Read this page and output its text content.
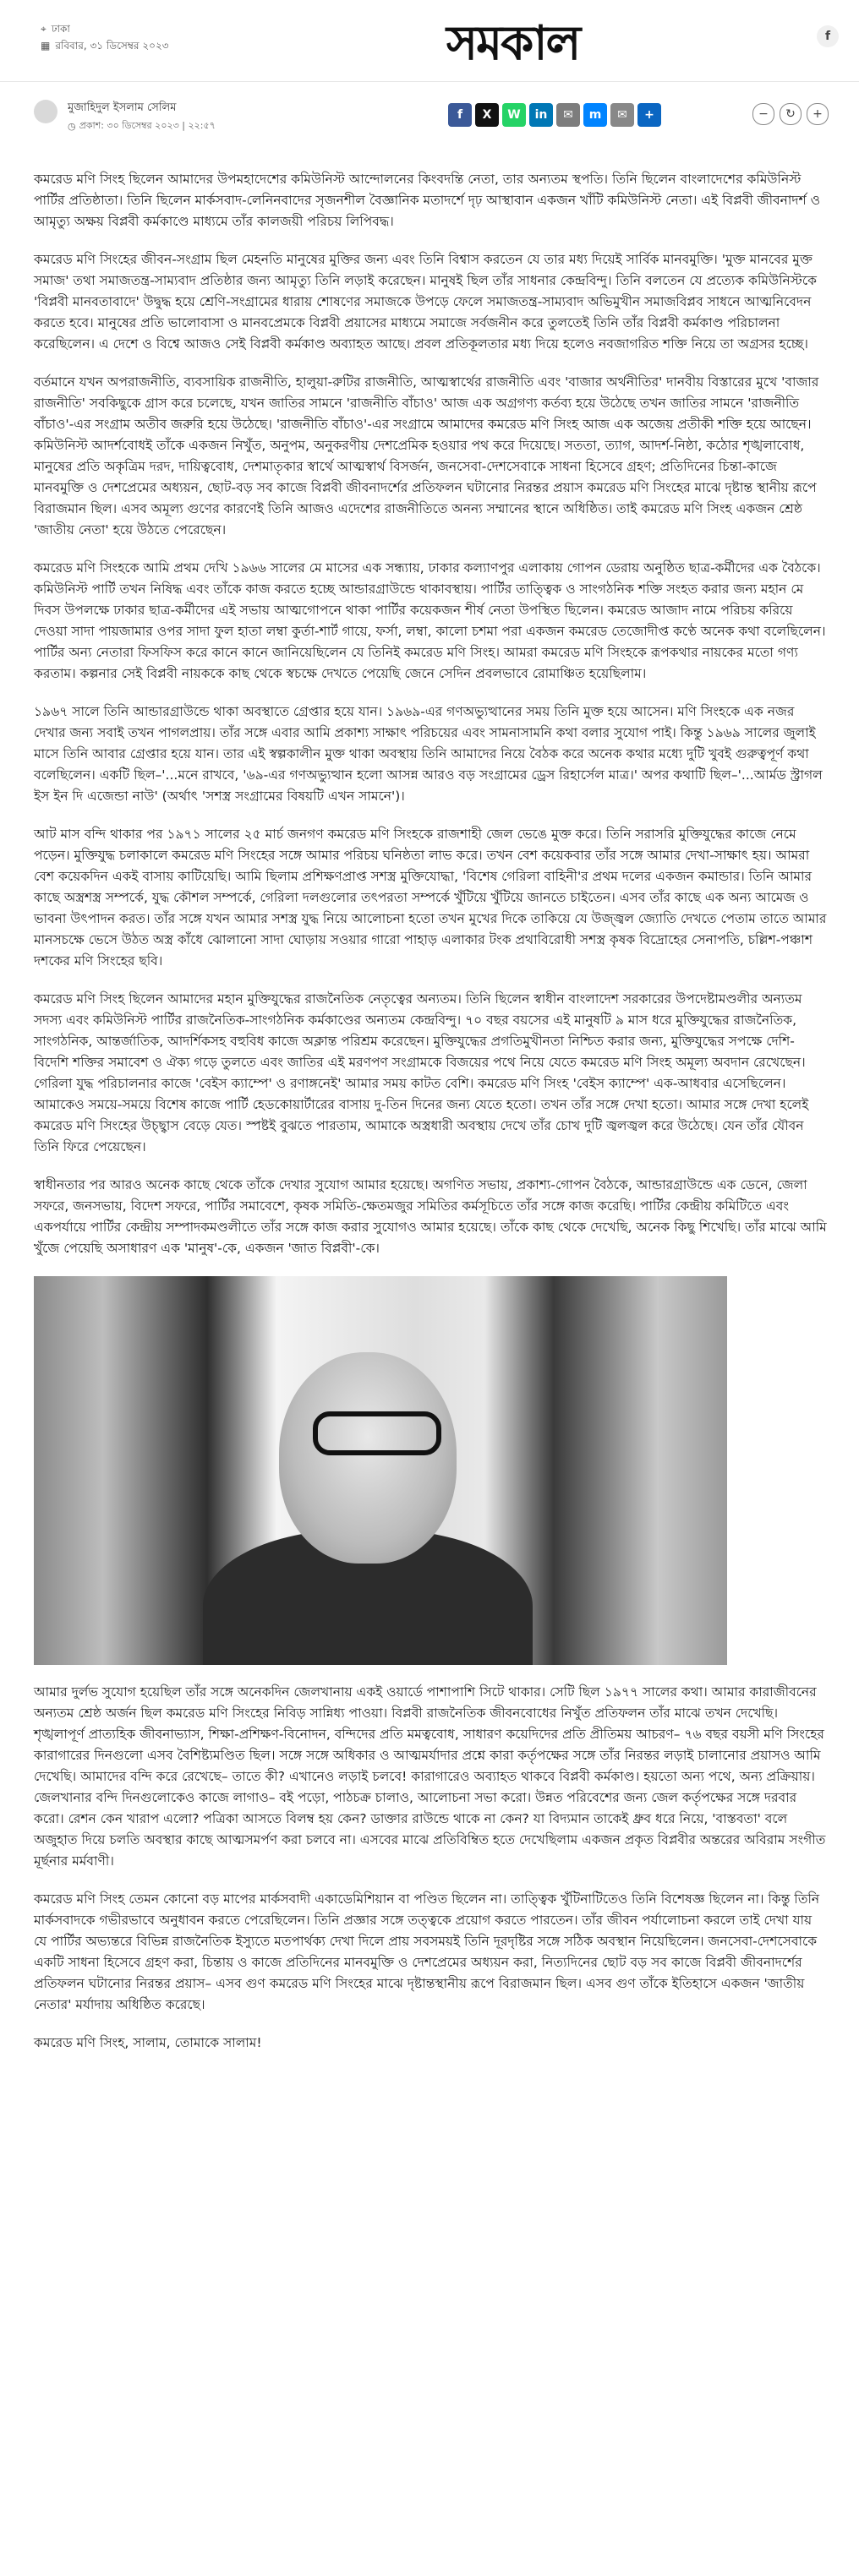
⌖ ঢাকা
▦ রবিবার, ৩১ ডিসেম্বর ২০২৩	সমকাল	f
মুজাহিদুল ইসলাম সেলিম
◷ প্রকাশ: ৩০ ডিসেম্বর ২০২৩ | ২২:৫৭
f	X	W	in	✉	m	✉	+	−	↻	+

কমরেড মণি সিংহ ছিলেন আমাদের উপমহাদেশের কমিউনিস্ট আন্দোলনের কিংবদন্তি নেতা, তার অন্যতম স্থপতি। তিনি ছিলেন বাংলাদেশের কমিউনিস্ট পার্টির প্রতিষ্ঠাতা। তিনি ছিলেন মার্কসবাদ-লেনিনবাদের সৃজনশীল বৈজ্ঞানিক মতাদর্শে দৃঢ় আস্থাবান একজন খাঁটি কমিউনিস্ট নেতা। এই বিপ্লবী জীবনাদর্শ ও আমৃত্যু অক্ষয় বিপ্লবী কর্মকাণ্ডে মাধ্যমে তাঁর কালজয়ী পরিচয় লিপিবদ্ধ।

কমরেড মণি সিংহের জীবন-সংগ্রাম ছিল মেহনতি মানুষের মুক্তির জন্য এবং তিনি বিশ্বাস করতেন যে তার মধ্য দিয়েই সার্বিক মানবমুক্তি। 'মুক্ত মানবের মুক্ত সমাজ' তথা সমাজতন্ত্র-সাম্যবাদ প্রতিষ্ঠার জন্য আমৃত্যু তিনি লড়াই করেছেন। মানুষই ছিল তাঁর সাধনার কেন্দ্রবিন্দু। তিনি বলতেন যে প্রত্যেক কমিউনিস্টকে 'বিপ্লবী মানবতাবাদে' উদ্বুদ্ধ হয়ে শ্রেণি-সংগ্রামের ধারায় শোষণের সমাজকে উপড়ে ফেলে সমাজতন্ত্র-সাম্যবাদ অভিমুখীন সমাজবিপ্লব সাধনে আত্মনিবেদন করতে হবে। মানুষের প্রতি ভালোবাসা ও মানবপ্রেমকে বিপ্লবী প্রয়াসের মাধ্যমে সমাজে সর্বজনীন করে তুলতেই তিনি তাঁর বিপ্লবী কর্মকাণ্ড পরিচালনা করেছিলেন। এ দেশে ও বিশ্বে আজও সেই বিপ্লবী কর্মকাণ্ড অব্যাহত আছে। প্রবল প্রতিকূলতার মধ্য দিয়ে হলেও নবজাগরিত শক্তি নিয়ে তা অগ্রসর হচ্ছে।

বর্তমানে যখন অপরাজনীতি, ব্যবসায়িক রাজনীতি, হালুয়া-রুটির রাজনীতি, আত্মস্বার্থের রাজনীতি এবং 'বাজার অর্থনীতির' দানবীয় বিস্তারের মুখে 'বাজার রাজনীতি' সবকিছুকে গ্রাস করে চলেছে, যখন জাতির সামনে 'রাজনীতি বাঁচাও' আজ এক অগ্রগণ্য কর্তব্য হয়ে উঠেছে তখন জাতির সামনে 'রাজনীতি বাঁচাও'-এর সংগ্রাম অতীব জরুরি হয়ে উঠেছে। 'রাজনীতি বাঁচাও'-এর সংগ্রামে আমাদের কমরেড মণি সিংহ আজ এক অজেয় প্রতীকী শক্তি হয়ে আছেন। কমিউনিস্ট আদর্শবোধই তাঁকে একজন নিখুঁত, অনুপম, অনুকরণীয় দেশপ্রেমিক হওয়ার পথ করে দিয়েছে। সততা, ত্যাগ, আদর্শ-নিষ্ঠা, কঠোর শৃঙ্খলাবোধ, মানুষের প্রতি অকৃত্রিম দরদ, দায়িত্ববোধ, দেশমাতৃকার স্বার্থে আত্মস্বার্থ বিসর্জন, জনসেবা-দেশসেবাকে সাধনা হিসেবে গ্রহণ; প্রতিদিনের চিন্তা-কাজে মানবমুক্তি ও দেশপ্রেমের অধ্যয়ন, ছোট-বড় সব কাজে বিপ্লবী জীবনাদর্শের প্রতিফলন ঘটানোর নিরন্তর প্রয়াস কমরেড মণি সিংহের মাঝে দৃষ্টান্ত স্থানীয় রূপে বিরাজমান ছিল। এসব অমূল্য গুণের কারণেই তিনি আজও এদেশের রাজনীতিতে অনন্য সম্মানের স্থানে অধিষ্ঠিত। তাই কমরেড মণি সিংহ একজন শ্রেষ্ঠ 'জাতীয় নেতা' হয়ে উঠতে পেরেছেন।

কমরেড মণি সিংহকে আমি প্রথম দেখি ১৯৬৬ সালের মে মাসের এক সন্ধ্যায়, ঢাকার কল্যাণপুর এলাকায় গোপন ডেরায় অনুষ্ঠিত ছাত্র-কর্মীদের এক বৈঠকে। কমিউনিস্ট পার্টি তখন নিষিদ্ধ এবং তাঁকে কাজ করতে হচ্ছে আন্ডারগ্রাউন্ডে থাকাবস্থায়। পার্টির তাত্ত্বিক ও সাংগঠনিক শক্তি সংহত করার জন্য মহান মে দিবস উপলক্ষে ঢাকার ছাত্র-কর্মীদের এই সভায় আত্মগোপনে থাকা পার্টির কয়েকজন শীর্ষ নেতা উপস্থিত ছিলেন। কমরেড আজাদ নামে পরিচয় করিয়ে দেওয়া সাদা পায়জামার ওপর সাদা ফুল হাতা লম্বা কুর্তা-শার্ট গায়ে, ফর্সা, লম্বা, কালো চশমা পরা একজন কমরেড তেজোদীপ্ত কণ্ঠে অনেক কথা বলেছিলেন। পার্টির অন্য নেতারা ফিসফিস করে কানে কানে জানিয়েছিলেন যে তিনিই কমরেড মণি সিংহ। আমরা কমরেড মণি সিংহকে রূপকথার নায়কের মতো গণ্য করতাম। কল্পনার সেই বিপ্লবী নায়ককে কাছ থেকে স্বচক্ষে দেখতে পেয়েছি জেনে সেদিন প্রবলভাবে রোমাঞ্চিত হয়েছিলাম।

১৯৬৭ সালে তিনি আন্ডারগ্রাউন্ডে থাকা অবস্থাতে গ্রেপ্তার হয়ে যান। ১৯৬৯-এর গণঅভ্যুত্থানের সময় তিনি মুক্ত হয়ে আসেন। মণি সিংহকে এক নজর দেখার জন্য সবাই তখন পাগলপ্রায়। তাঁর সঙ্গে এবার আমি প্রকাশ্য সাক্ষাৎ পরিচয়ের এবং সামনাসামনি কথা বলার সুযোগ পাই। কিন্তু ১৯৬৯ সালের জুলাই মাসে তিনি আবার গ্রেপ্তার হয়ে যান। তার এই স্বল্পকালীন মুক্ত থাকা অবস্থায় তিনি আমাদের নিয়ে বৈঠক করে অনেক কথার মধ্যে দুটি খুবই গুরুত্বপূর্ণ কথা বলেছিলেন। একটি ছিল–'...মনে রাখবে, '৬৯-এর গণঅভ্যুত্থান হলো আসন্ন আরও বড় সংগ্রামের ড্রেস রিহার্সেল মাত্র।' অপর কথাটি ছিল–'...আর্মড স্ট্রাগল ইস ইন দি এজেন্ডা নাউ' (অর্থাৎ 'সশস্ত্র সংগ্রামের বিষয়টি এখন সামনে')।

আট মাস বন্দি থাকার পর ১৯৭১ সালের ২৫ মার্চ জনগণ কমরেড মণি সিংহকে রাজশাহী জেল ভেঙে মুক্ত করে। তিনি সরাসরি মুক্তিযুদ্ধের কাজে নেমে পড়েন। মুক্তিযুদ্ধ চলাকালে কমরেড মণি সিংহের সঙ্গে আমার পরিচয় ঘনিষ্ঠতা লাভ করে। তখন বেশ কয়েকবার তাঁর সঙ্গে আমার দেখা-সাক্ষাৎ হয়। আমরা বেশ কয়েকদিন একই বাসায় কাটিয়েছি। আমি ছিলাম প্রশিক্ষণপ্রাপ্ত সশস্ত্র মুক্তিযোদ্ধা, 'বিশেষ গেরিলা বাহিনী'র প্রথম দলের একজন কমান্ডার। তিনি আমার কাছে অস্ত্রশস্ত্র সম্পর্কে, যুদ্ধ কৌশল সম্পর্কে, গেরিলা দলগুলোর তৎপরতা সম্পর্কে খুঁটিয়ে খুঁটিয়ে জানতে চাইতেন। এসব তাঁর কাছে এক অন্য আমেজ ও ভাবনা উৎপাদন করত। তাঁর সঙ্গে যখন আমার সশস্ত্র যুদ্ধ নিয়ে আলোচনা হতো তখন মুখের দিকে তাকিয়ে যে উজ্জ্বল জ্যোতি দেখতে পেতাম তাতে আমার মানসচক্ষে ভেসে উঠত অস্ত্র কাঁধে ঝোলানো সাদা ঘোড়ায় সওয়ার গারো পাহাড় এলাকার টংক প্রথাবিরোধী সশস্ত্র কৃষক বিদ্রোহের সেনাপতি, চল্লিশ-পঞ্চাশ দশকের মণি সিংহের ছবি।

কমরেড মণি সিংহ ছিলেন আমাদের মহান মুক্তিযুদ্ধের রাজনৈতিক নেতৃত্বের অন্যতম। তিনি ছিলেন স্বাধীন বাংলাদেশ সরকারের উপদেষ্টামণ্ডলীর অন্যতম সদস্য এবং কমিউনিস্ট পার্টির রাজনৈতিক-সাংগঠনিক কর্মকাণ্ডের অন্যতম কেন্দ্রবিন্দু। ৭০ বছর বয়সের এই মানুষটি ৯ মাস ধরে মুক্তিযুদ্ধের রাজনৈতিক, সাংগঠনিক, আন্তর্জাতিক, আদর্শিকসহ বহুবিধ কাজে অক্লান্ত পরিশ্রম করেছেন। মুক্তিযুদ্ধের প্রগতিমুখীনতা নিশ্চিত করার জন্য, মুক্তিযুদ্ধের সপক্ষে দেশি-বিদেশি শক্তির সমাবেশ ও ঐক্য গড়ে তুলতে এবং জাতির এই মরণপণ সংগ্রামকে বিজয়ের পথে নিয়ে যেতে কমরেড মণি সিংহ অমূল্য অবদান রেখেছেন। গেরিলা যুদ্ধ পরিচালনার কাজে 'বেইস ক্যাম্পে' ও রণাঙ্গনেই' আমার সময় কাটত বেশি। কমরেড মণি সিংহ 'বেইস ক্যাম্পে' এক-আধবার এসেছিলেন। আমাকেও সময়ে-সময়ে বিশেষ কাজে পার্টি হেডকোয়ার্টারের বাসায় দু-তিন দিনের জন্য যেতে হতো। তখন তাঁর সঙ্গে দেখা হতো। আমার সঙ্গে দেখা হলেই কমরেড মণি সিংহের উচ্ছ্বাস বেড়ে যেত। স্পষ্টই বুঝতে পারতাম, আমাকে অস্ত্রধারী অবস্থায় দেখে তাঁর চোখ দুটি জ্বলজ্বল করে উঠেছে। যেন তাঁর যৌবন তিনি ফিরে পেয়েছেন।

স্বাধীনতার পর আরও অনেক কাছে থেকে তাঁকে দেখার সুযোগ আমার হয়েছে। অগণিত সভায়, প্রকাশ্য-গোপন বৈঠকে, আন্ডারগ্রাউন্ডে এক ডেনে, জেলা সফরে, জনসভায়, বিদেশ সফরে, পার্টির সমাবেশে, কৃষক সমিতি-ক্ষেতমজুর সমিতির কর্মসূচিতে তাঁর সঙ্গে কাজ করেছি। পার্টির কেন্দ্রীয় কমিটিতে এবং একপর্যায়ে পার্টির কেন্দ্রীয় সম্পাদকমণ্ডলীতে তাঁর সঙ্গে কাজ করার সুযোগও আমার হয়েছে। তাঁকে কাছ থেকে দেখেছি, অনেক কিছু শিখেছি। তাঁর মাঝে আমি খুঁজে পেয়েছি অসাধারণ এক 'মানুষ'-কে, একজন 'জাত বিপ্লবী'-কে।

আমার দুর্লভ সুযোগ হয়েছিল তাঁর সঙ্গে অনেকদিন জেলখানায় একই ওয়ার্ডে পাশাপাশি সিটে থাকার। সেটি ছিল ১৯৭৭ সালের কথা। আমার কারাজীবনের অন্যতম শ্রেষ্ঠ অর্জন ছিল কমরেড মণি সিংহের নিবিড় সান্নিধ্য পাওয়া। বিপ্লবী রাজনৈতিক জীবনবোধের নিখুঁত প্রতিফলন তাঁর মাঝে তখন দেখেছি। শৃঙ্খলাপূর্ণ প্রাত্যহিক জীবনাভ্যাস, শিক্ষা-প্রশিক্ষণ-বিনোদন, বন্দিদের প্রতি মমত্ববোধ, সাধারণ কয়েদিদের প্রতি প্রীতিময় আচরণ– ৭৬ বছর বয়সী মণি সিংহের কারাগারের দিনগুলো এসব বৈশিষ্ট্যমণ্ডিত ছিল। সঙ্গে সঙ্গে অধিকার ও আত্মমর্যাদার প্রশ্নে কারা কর্তৃপক্ষের সঙ্গে তাঁর নিরন্তর লড়াই চালানোর প্রয়াসও আমি দেখেছি। আমাদের বন্দি করে রেখেছে– তাতে কী? এখানেও লড়াই চলবে! কারাগারেও অব্যাহত থাকবে বিপ্লবী কর্মকাণ্ড। হয়তো অন্য পথে, অন্য প্রক্রিয়ায়। জেলখানার বন্দি দিনগুলোকেও কাজে লাগাও– বই পড়ো, পাঠচক্র চালাও, আলোচনা সভা করো। উন্নত পরিবেশের জন্য জেল কর্তৃপক্ষের সঙ্গে দরবার করো। রেশন কেন খারাপ এলো? পত্রিকা আসতে বিলম্ব হয় কেন? ডাক্তার রাউন্ডে থাকে না কেন? যা বিদ্যমান তাকেই ধ্রুব ধরে নিয়ে, 'বাস্তবতা' বলে অজুহাত দিয়ে চলতি অবস্থার কাছে আত্মসমর্পণ করা চলবে না। এসবের মাঝে প্রতিবিম্বিত হতে দেখেছিলাম একজন প্রকৃত বিপ্লবীর অন্তরের অবিরাম সংগীত মূর্ছনার মর্মবাণী।

কমরেড মণি সিংহ তেমন কোনো বড় মাপের মার্কসবাদী একাডেমিশিয়ান বা পণ্ডিত ছিলেন না। তাত্ত্বিক খুঁটিনাটিতেও তিনি বিশেষজ্ঞ ছিলেন না। কিন্তু তিনি মার্কসবাদকে গভীরভাবে অনুধাবন করতে পেরেছিলেন। তিনি প্রজ্ঞার সঙ্গে তত্ত্বকে প্রয়োগ করতে পারতেন। তাঁর জীবন পর্যালোচনা করলে তাই দেখা যায় যে পার্টির অভ্যন্তরে বিভিন্ন রাজনৈতিক ইস্যুতে মতপার্থক্য দেখা দিলে প্রায় সবসময়ই তিনি দূরদৃষ্টির সঙ্গে সঠিক অবস্থান নিয়েছিলেন। জনসেবা-দেশসেবাকে একটি সাধনা হিসেবে গ্রহণ করা, চিন্তায় ও কাজে প্রতিদিনের মানবমুক্তি ও দেশপ্রেমের অধ্যয়ন করা, নিত্যদিনের ছোট বড় সব কাজে বিপ্লবী জীবনাদর্শের প্রতিফলন ঘটানোর নিরন্তর প্রয়াস– এসব গুণ কমরেড মণি সিংহের মাঝে দৃষ্টান্তস্থানীয় রূপে বিরাজমান ছিল। এসব গুণ তাঁকে ইতিহাসে একজন 'জাতীয় নেতার' মর্যাদায় অধিষ্ঠিত করেছে।

কমরেড মণি সিংহ, সালাম, তোমাকে সালাম!
